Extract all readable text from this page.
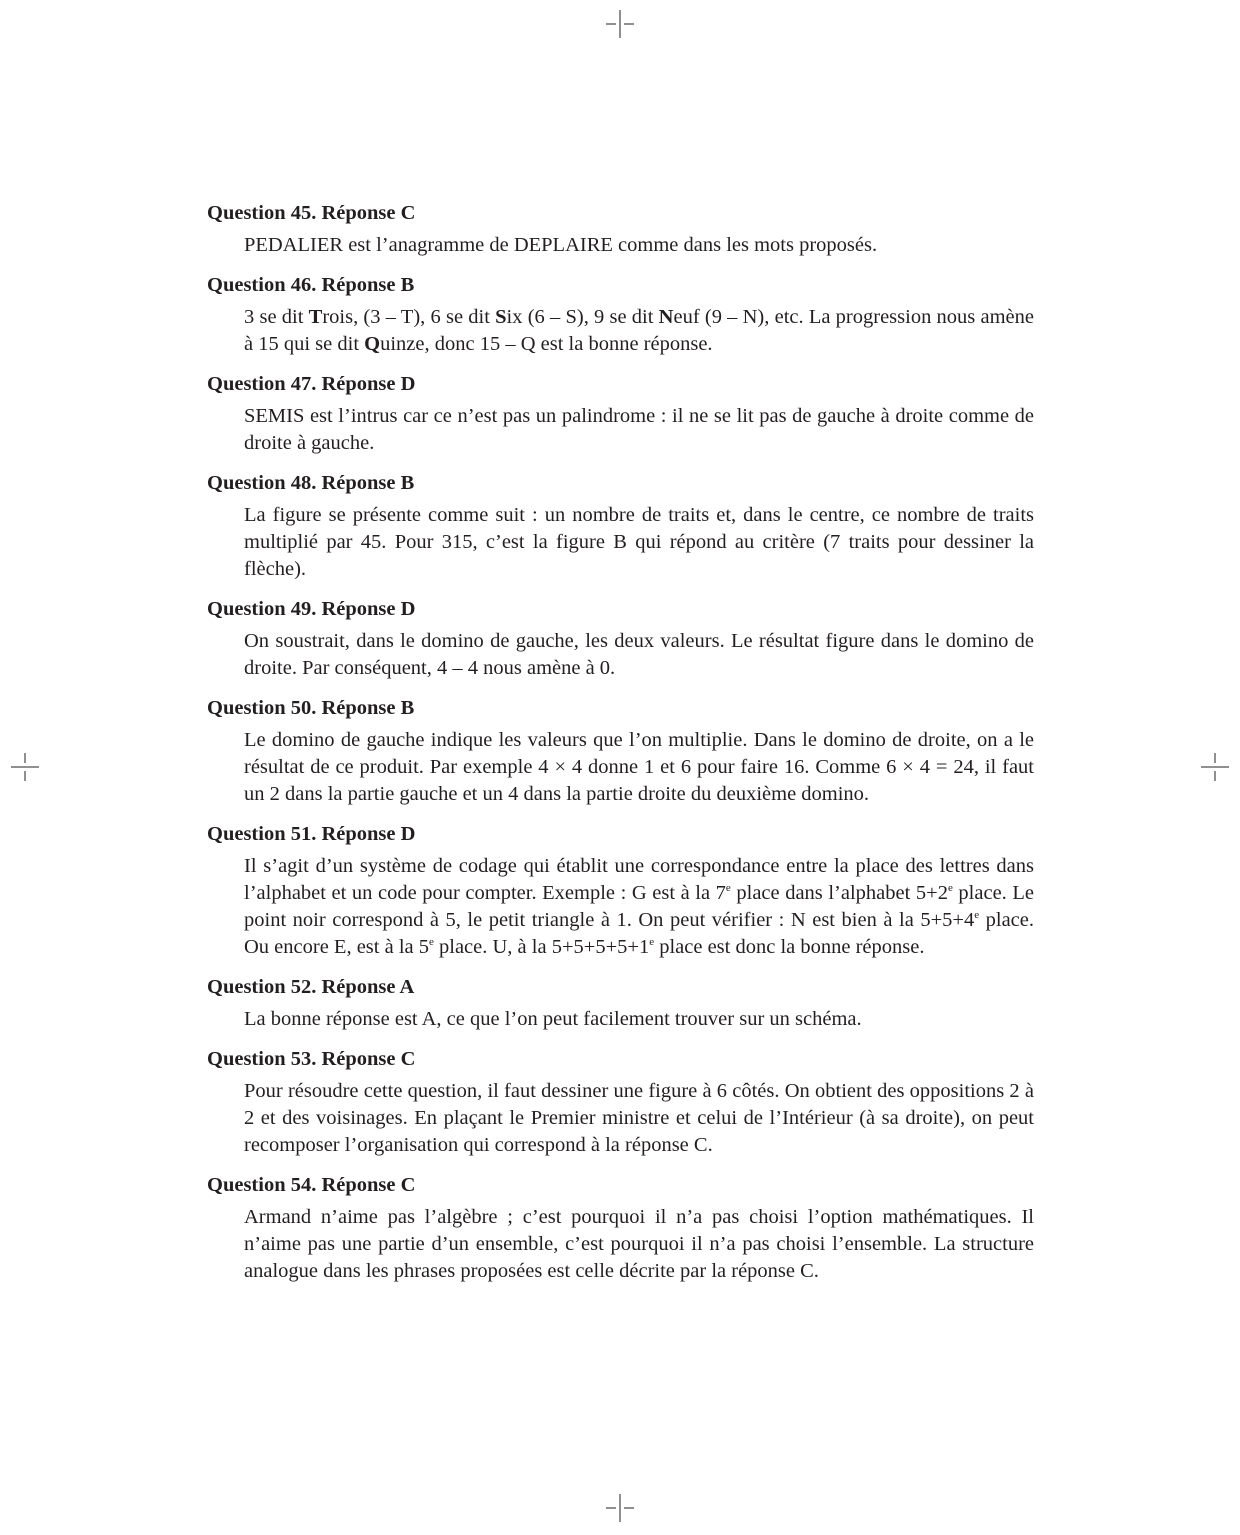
Question 45. Réponse C

PEDALIER est l’anagramme de DEPLAIRE comme dans les mots proposés.

Question 46. Réponse B

3 se dit Trois, (3 – T), 6 se dit Six (6 – S), 9 se dit Neuf (9 – N), etc. La progression nous amène à 15 qui se dit Quinze, donc 15 – Q est la bonne réponse.

Question 47. Réponse D

SEMIS est l’intrus car ce n’est pas un palindrome : il ne se lit pas de gauche à droite comme de droite à gauche.

Question 48. Réponse B

La figure se présente comme suit : un nombre de traits et, dans le centre, ce nombre de traits multiplié par 45. Pour 315, c’est la figure B qui répond au critère (7 traits pour dessiner la flèche).

Question 49. Réponse D

On soustrait, dans le domino de gauche, les deux valeurs. Le résultat figure dans le domino de droite. Par conséquent, 4 – 4 nous amène à 0.

Question 50. Réponse B

Le domino de gauche indique les valeurs que l’on multiplie. Dans le domino de droite, on a le résultat de ce produit. Par exemple 4 × 4 donne 1 et 6 pour faire 16. Comme 6 × 4 = 24, il faut un 2 dans la partie gauche et un 4 dans la partie droite du deuxième domino.

Question 51. Réponse D

Il s’agit d’un système de codage qui établit une correspondance entre la place des lettres dans l’alphabet et un code pour compter. Exemple : G est à la 7e place dans l’alphabet $5+2^e$ place. Le point noir correspond à 5, le petit triangle à 1. On peut vérifier : N est bien à la $5+5+4^e$ place. Ou encore E, est à la 5e place. U, à la $5+5+5+5+1^e$ place est donc la bonne réponse.

Question 52. Réponse A

La bonne réponse est A, ce que l’on peut facilement trouver sur un schéma.

Question 53. Réponse C

Pour résoudre cette question, il faut dessiner une figure à 6 côtés. On obtient des oppositions 2 à 2 et des voisinages. En plaçant le Premier ministre et celui de l’Intérieur (à sa droite), on peut recomposer l’organisation qui correspond à la réponse C.

Question 54. Réponse C

Armand n’aime pas l’algèbre ; c’est pourquoi il n’a pas choisi l’option mathématiques. Il n’aime pas une partie d’un ensemble, c’est pourquoi il n’a pas choisi l’ensemble. La structure analogue dans les phrases proposées est celle décrite par la réponse C.
